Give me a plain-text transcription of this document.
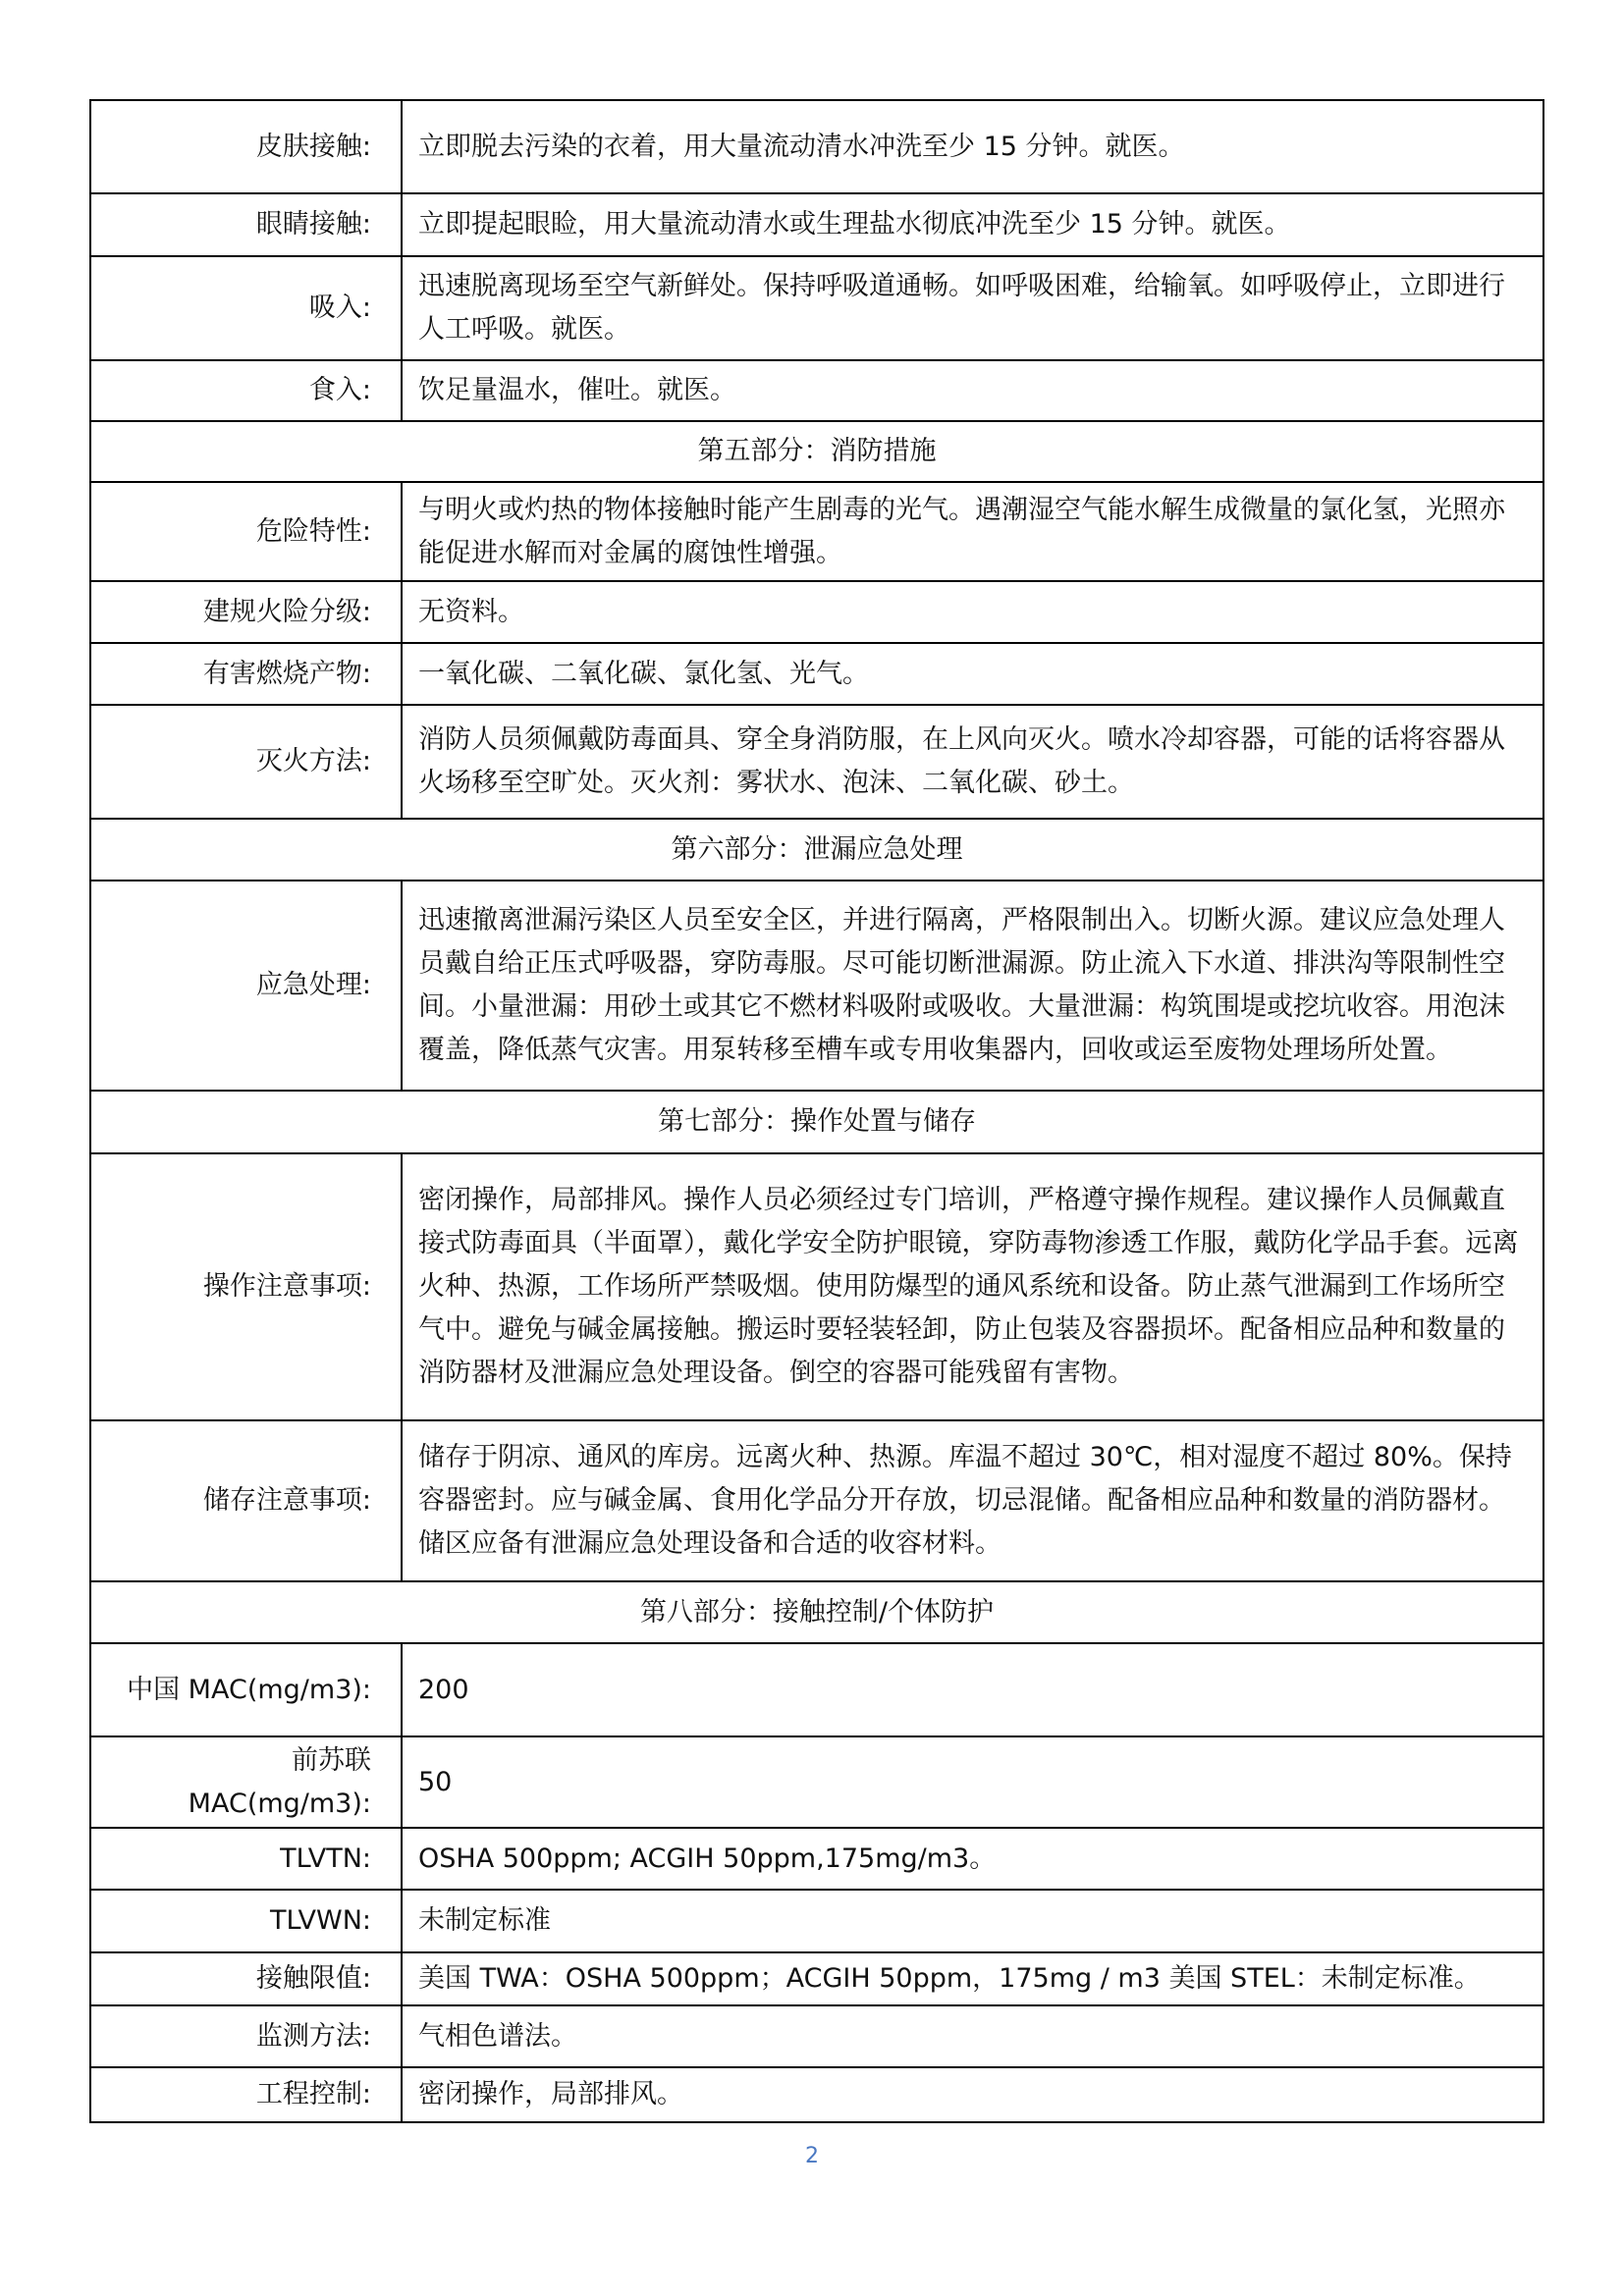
皮肤接触:	立即脱去污染的衣着，用大量流动清水冲洗至少 15 分钟。就医。
眼睛接触:	立即提起眼睑，用大量流动清水或生理盐水彻底冲洗至少 15 分钟。就医。
吸入:	迅速脱离现场至空气新鲜处。保持呼吸道通畅。如呼吸困难，给输氧。如呼吸停止，立即进行人工呼吸。就医。
食入:	饮足量温水，催吐。就医。
第五部分：消防措施	
危险特性:	与明火或灼热的物体接触时能产生剧毒的光气。遇潮湿空气能水解生成微量的氯化氢，光照亦能促进水解而对金属的腐蚀性增强。
建规火险分级:	无资料。
有害燃烧产物:	一氧化碳、二氧化碳、氯化氢、光气。
灭火方法:	消防人员须佩戴防毒面具、穿全身消防服，在上风向灭火。喷水冷却容器，可能的话将容器从火场移至空旷处。灭火剂：雾状水、泡沫、二氧化碳、砂土。
第六部分：泄漏应急处理	
应急处理:	迅速撤离泄漏污染区人员至安全区，并进行隔离，严格限制出入。切断火源。建议应急处理人员戴自给正压式呼吸器，穿防毒服。尽可能切断泄漏源。防止流入下水道、排洪沟等限制性空间。小量泄漏：用砂土或其它不燃材料吸附或吸收。大量泄漏：构筑围堤或挖坑收容。用泡沫覆盖，降低蒸气灾害。用泵转移至槽车或专用收集器内，回收或运至废物处理场所处置。
第七部分：操作处置与储存	
操作注意事项:	密闭操作，局部排风。操作人员必须经过专门培训，严格遵守操作规程。建议操作人员佩戴直接式防毒面具（半面罩），戴化学安全防护眼镜，穿防毒物渗透工作服，戴防化学品手套。远离火种、热源，工作场所严禁吸烟。使用防爆型的通风系统和设备。防止蒸气泄漏到工作场所空气中。避免与碱金属接触。搬运时要轻装轻卸，防止包装及容器损坏。配备相应品种和数量的消防器材及泄漏应急处理设备。倒空的容器可能残留有害物。
储存注意事项:	储存于阴凉、通风的库房。远离火种、热源。库温不超过 30℃，相对湿度不超过 80%。保持容器密封。应与碱金属、食用化学品分开存放，切忌混储。配备相应品种和数量的消防器材。储区应备有泄漏应急处理设备和合适的收容材料。
第八部分：接触控制/个体防护	
中国 MAC(mg/m3):	200
前苏联 MAC(mg/m3):	50
TLVTN:	OSHA 500ppm; ACGIH 50ppm,175mg/m3。
TLVWN:	未制定标准
接触限值:	美国 TWA：OSHA 500ppm；ACGIH 50ppm，175mg / m3 美国 STEL：未制定标准。
监测方法:	气相色谱法。
工程控制:	密闭操作，局部排风。
2
